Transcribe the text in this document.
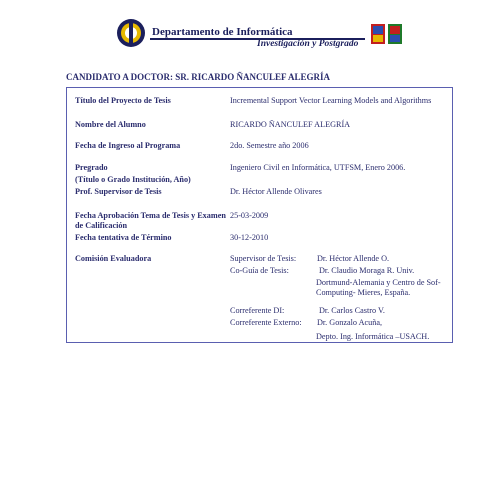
Departamento de Informática
Investigación y Postgrado
CANDIDATO A DOCTOR: SR. RICARDO ÑANCULEF ALEGRÍA
Título del Proyecto de Tesis	Incremental Support Vector Learning Models and Algorithms
Nombre del Alumno	RICARDO ÑANCULEF ALEGRÍA
Fecha de Ingreso al Programa	2do. Semestre año 2006
Pregrado	Ingeniero Civil en Informática, UTFSM, Enero 2006.
(Título o Grado Institución, Año)
Prof. Supervisor de Tesis	Dr. Héctor Allende Olivares
Fecha Aprobación Tema de Tesis y Examen de Calificación
25-03-2009
Fecha tentativa de Término	30-12-2010
Comisión Evaluadora	Supervisor de Tesis:	Dr. Héctor Allende O.
Co-Guía de Tesis:	Dr. Claudio Moraga R. Univ.
Dortmund-Alemania y Centro de Sof-Computing- Mieres, España.
Correferente DI:	Dr. Carlos Castro V.
Correferente Externo: Dr. Gonzalo Acuña,
Depto. Ing. Informática –USACH.
